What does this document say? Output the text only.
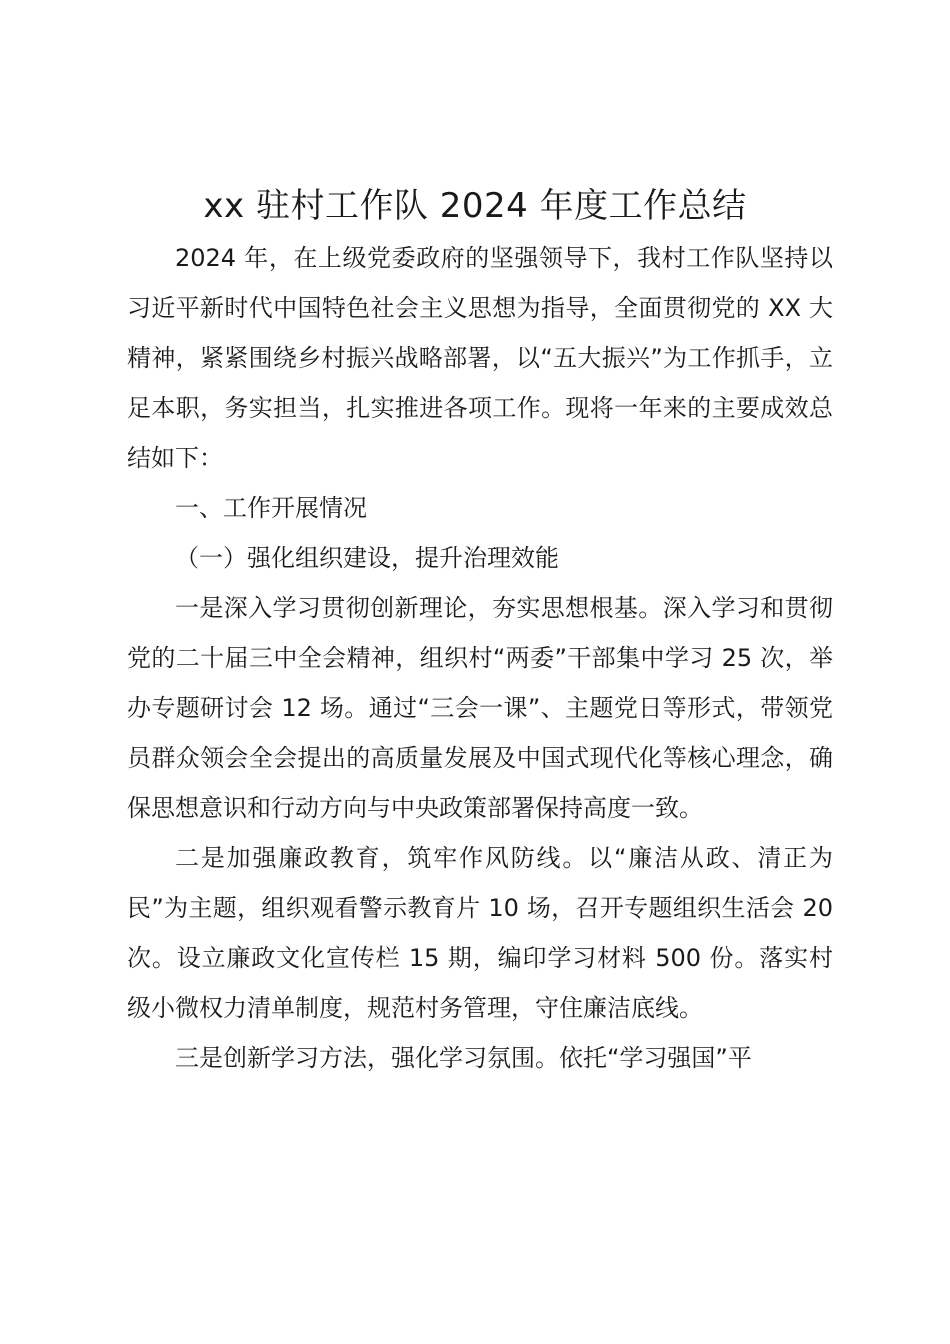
xx 驻村工作队 2024 年度工作总结

2024 年，在上级党委政府的坚强领导下，我村工作队坚持以习近平新时代中国特色社会主义思想为指导，全面贯彻党的 XX 大精神，紧紧围绕乡村振兴战略部署，以“五大振兴”为工作抓手，立足本职，务实担当，扎实推进各项工作。现将一年来的主要成效总结如下：

一、工作开展情况

（一）强化组织建设，提升治理效能

一是深入学习贯彻创新理论，夯实思想根基。深入学习和贯彻党的二十届三中全会精神，组织村“两委”干部集中学习 25 次，举办专题研讨会 12 场。通过“三会一课”、主题党日等形式，带领党员群众领会全会提出的高质量发展及中国式现代化等核心理念，确保思想意识和行动方向与中央政策部署保持高度一致。

二是加强廉政教育，筑牢作风防线。以“廉洁从政、清正为民”为主题，组织观看警示教育片 10 场，召开专题组织生活会 20 次。设立廉政文化宣传栏 15 期，编印学习材料 500 份。落实村级小微权力清单制度，规范村务管理，守住廉洁底线。

三是创新学习方法，强化学习氛围。依托“学习强国”平
